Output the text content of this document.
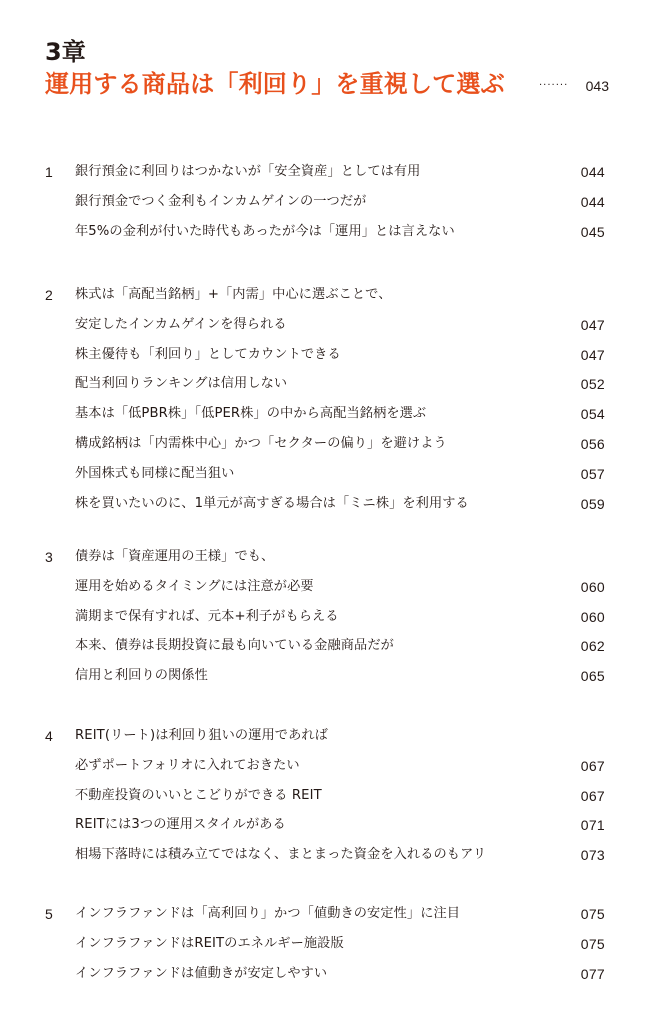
3章
運用する商品は「利回り」を重視して選ぶ	······· 043
1 銀行預金に利回りはつかないが「安全資産」としては有用	044
銀行預金でつく金利もインカムゲインの一つだが	044
年5%の金利が付いた時代もあったが今は「運用」とは言えない	045
2 株式は「高配当銘柄」+「内需」中心に選ぶことで、
安定したインカムゲインを得られる	047
株主優待も「利回り」としてカウントできる	047
配当利回りランキングは信用しない	052
基本は「低PBR株」「低PER株」の中から高配当銘柄を選ぶ	054
構成銘柄は「内需株中心」かつ「セクターの偏り」を避けよう	056
外国株式も同様に配当狙い	057
株を買いたいのに、1単元が高すぎる場合は「ミニ株」を利用する	059
3 債券は「資産運用の王様」でも、
運用を始めるタイミングには注意が必要	060
満期まで保有すれば、元本+利子がもらえる	060
本来、債券は長期投資に最も向いている金融商品だが	062
信用と利回りの関係性	065
4 REIT(リート)は利回り狙いの運用であれば
必ずポートフォリオに入れておきたい	067
不動産投資のいいとこどりができる REIT	067
REITには3つの運用スタイルがある	071
相場下落時には積み立てではなく、まとまった資金を入れるのもアリ	073
5 インフラファンドは「高利回り」かつ「値動きの安定性」に注目	075
インフラファンドはREITのエネルギー施設版	075
インフラファンドは値動きが安定しやすい	077
